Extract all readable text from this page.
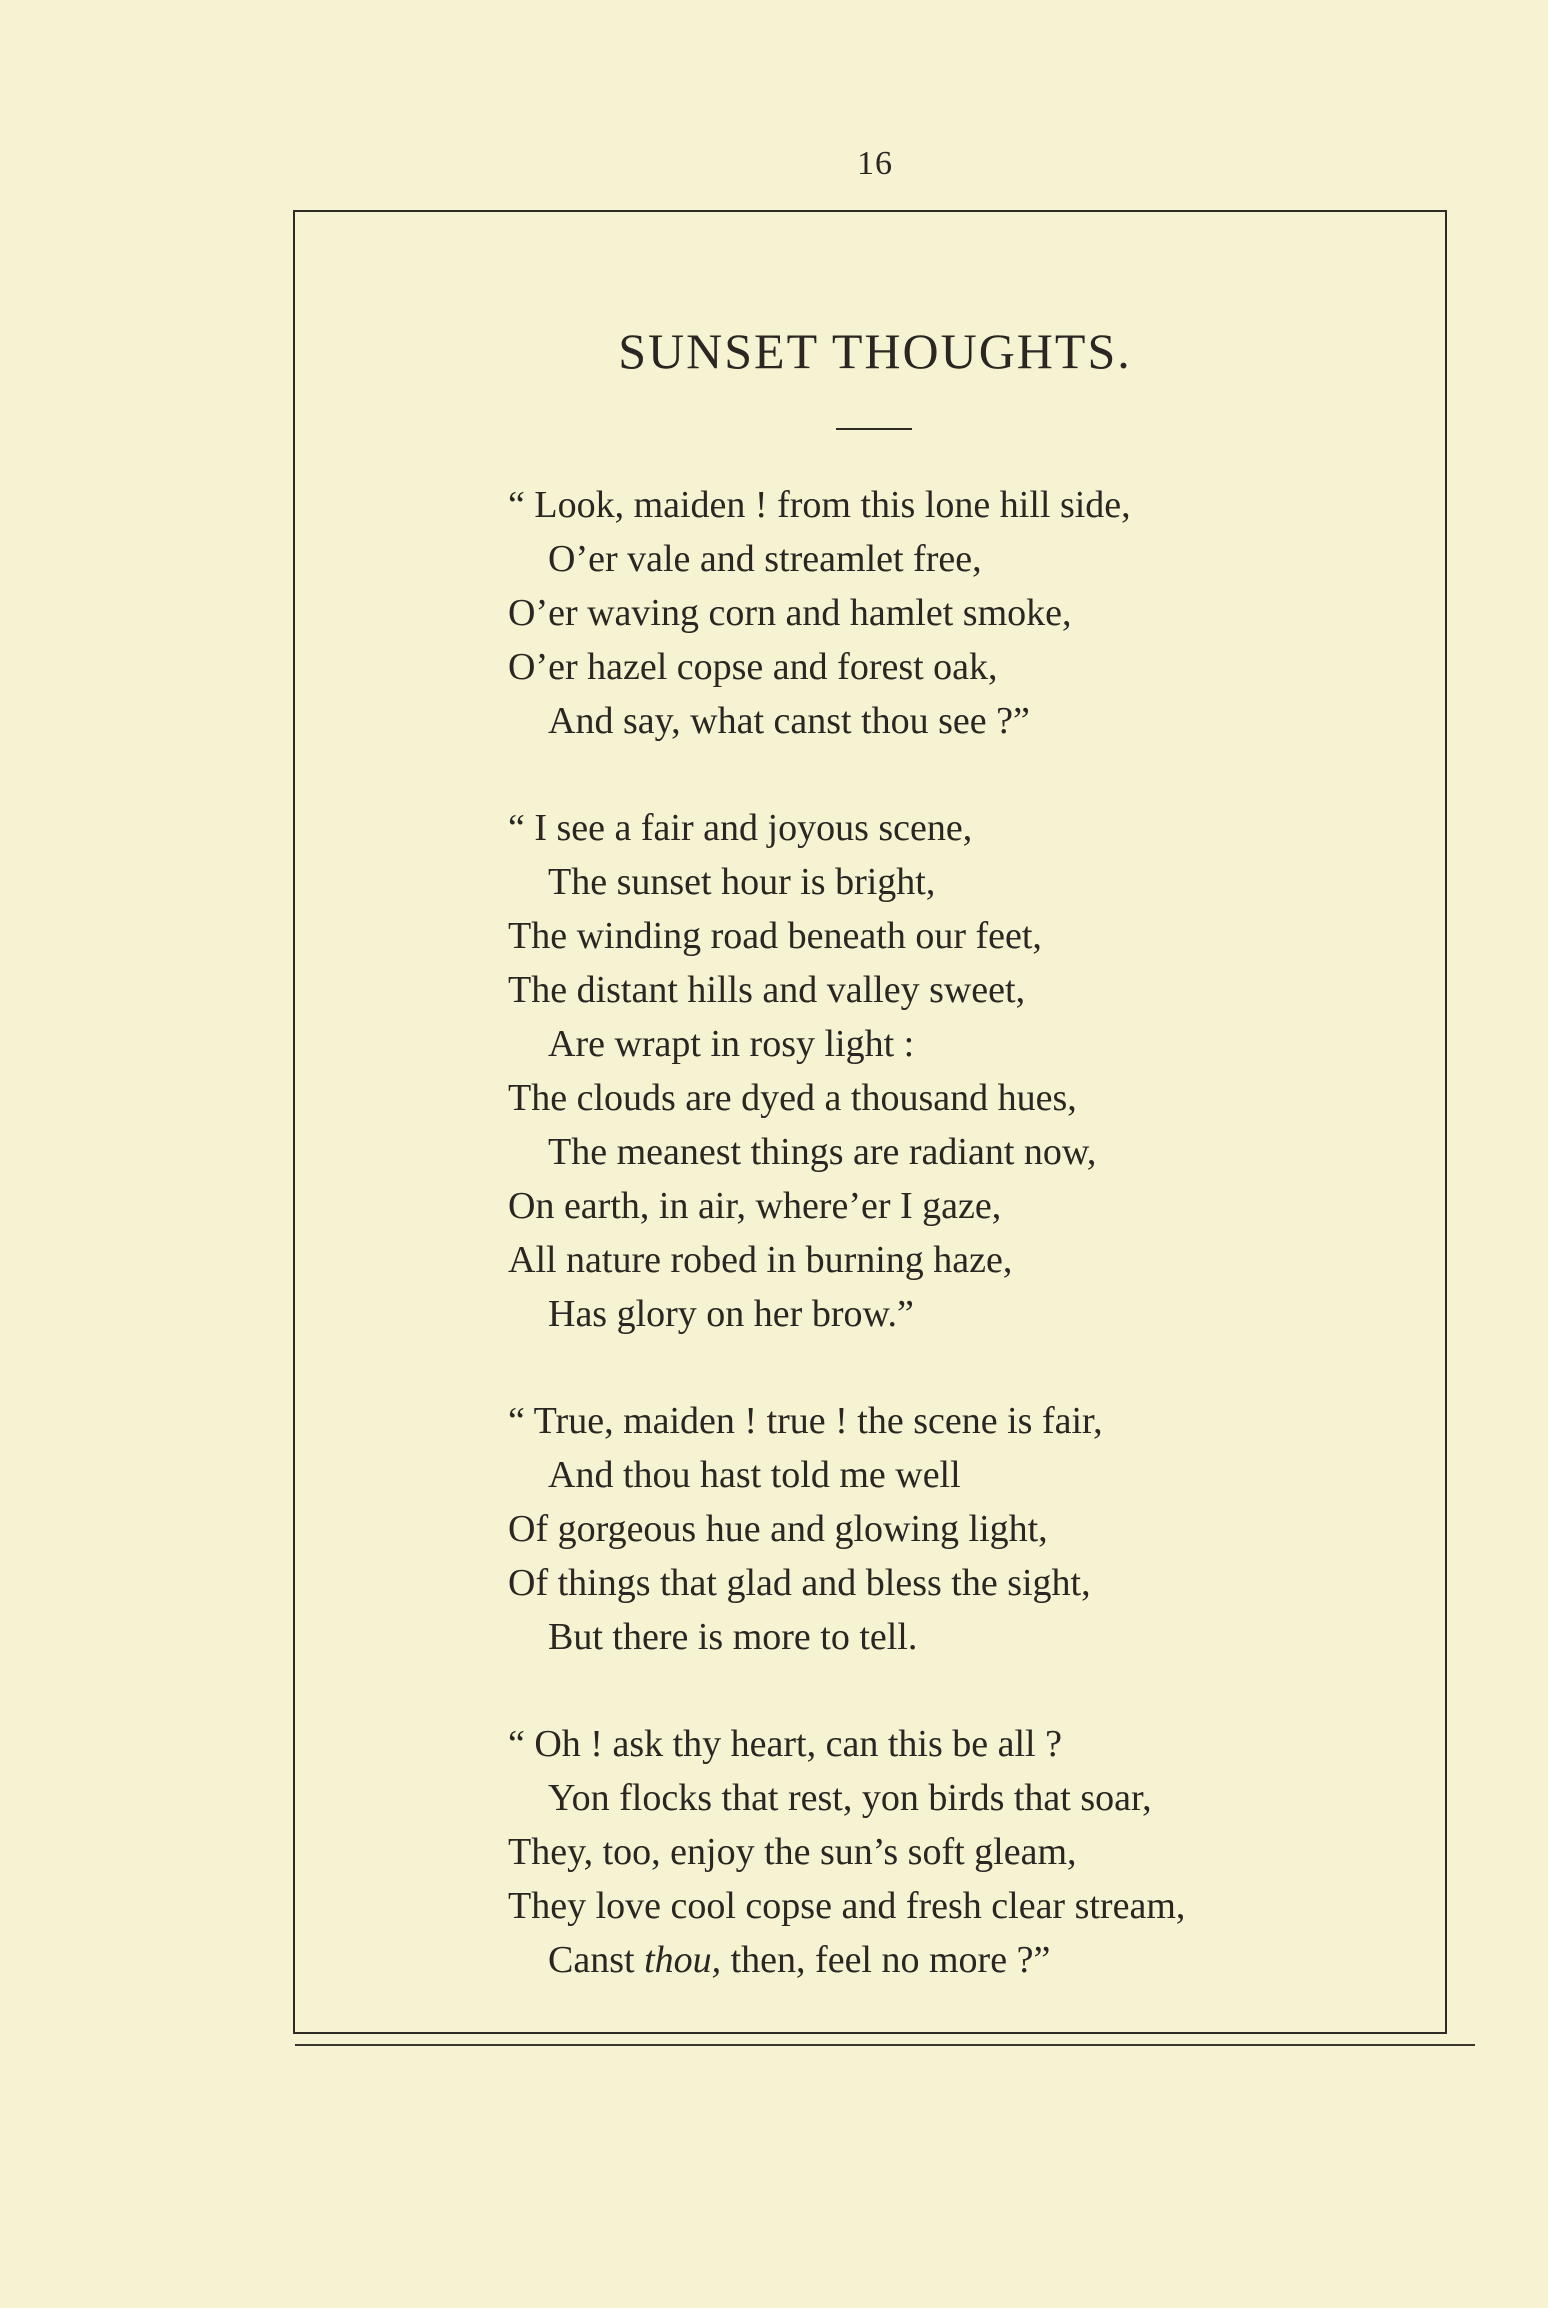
16
SUNSET THOUGHTS.
“ Look, maiden ! from this lone hill side,
O’er vale and streamlet free,
O’er waving corn and hamlet smoke,
O’er hazel copse and forest oak,
And say, what canst thou see ?”
“ I see a fair and joyous scene,
The sunset hour is bright,
The winding road beneath our feet,
The distant hills and valley sweet,
Are wrapt in rosy light :
The clouds are dyed a thousand hues,
The meanest things are radiant now,
On earth, in air, where’er I gaze,
All nature robed in burning haze,
Has glory on her brow.”
“ True, maiden ! true ! the scene is fair,
And thou hast told me well
Of gorgeous hue and glowing light,
Of things that glad and bless the sight,
But there is more to tell.
“ Oh ! ask thy heart, can this be all ?
Yon flocks that rest, yon birds that soar,
They, too, enjoy the sun’s soft gleam,
They love cool copse and fresh clear stream,
Canst thou, then, feel no more ?”
